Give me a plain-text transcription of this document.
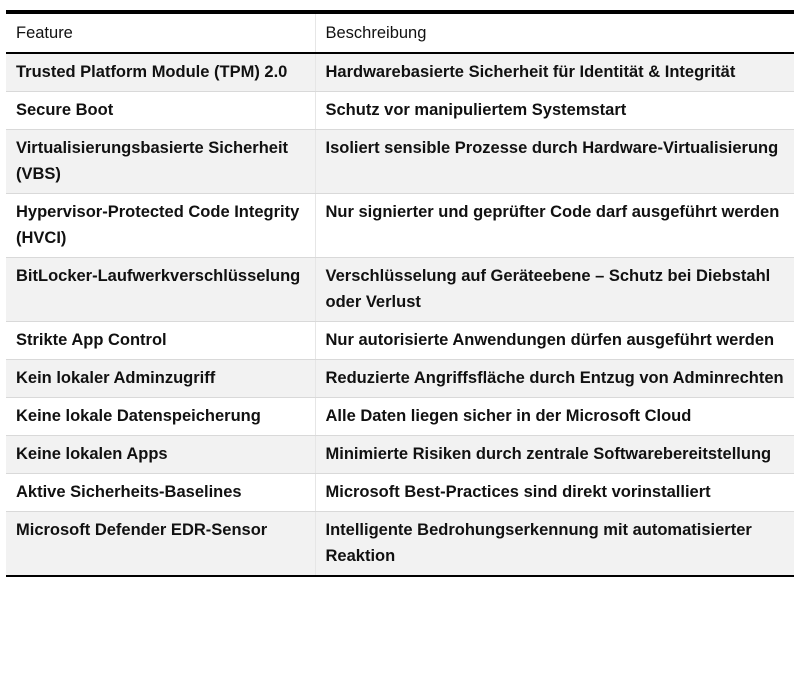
Feature	Beschreibung
Trusted Platform Module (TPM) 2.0	Hardwarebasierte Sicherheit für Identität & Integrität
Secure Boot	Schutz vor manipuliertem Systemstart
Virtualisierungsbasierte Sicherheit (VBS)	Isoliert sensible Prozesse durch Hardware-Virtualisierung
Hypervisor-Protected Code Integrity (HVCI)	Nur signierter und geprüfter Code darf ausgeführt werden
BitLocker-Laufwerkverschlüsselung	Verschlüsselung auf Geräteebene – Schutz bei Diebstahl oder Verlust
Strikte App Control	Nur autorisierte Anwendungen dürfen ausgeführt werden
Kein lokaler Adminzugriff	Reduzierte Angriffsfläche durch Entzug von Adminrechten
Keine lokale Datenspeicherung	Alle Daten liegen sicher in der Microsoft Cloud
Keine lokalen Apps	Minimierte Risiken durch zentrale Softwarebereitstellung
Aktive Sicherheits-Baselines	Microsoft Best-Practices sind direkt vorinstalliert
Microsoft Defender EDR-Sensor	Intelligente Bedrohungserkennung mit automatisierter Reaktion
